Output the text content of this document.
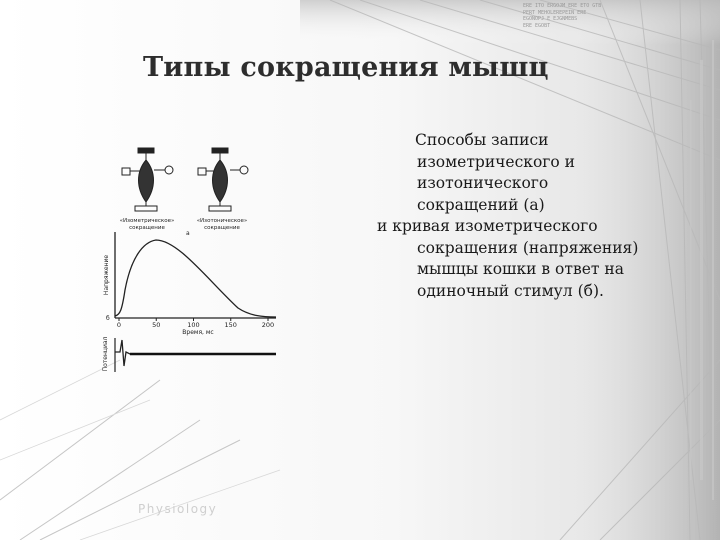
ERE ITO ERGOJM ERE ETO GTB
PERT MEHOLEREPEIN ERE
EGONOPJ E EJGNMEBS
ERE EGOBT
Типы сокращения мышц
«Изометрическое»
сокращение
«Изотоническое»
сокращение
а
0	50	100	150	200
Напряжение
Время, мс
б
Потенциал
Способы записи
изометрического и
изотонического
сокращений (а)
и кривая изометрического
сокращения (напряжения)
мышцы кошки в ответ на
одиночный стимул (б).
Physiology
